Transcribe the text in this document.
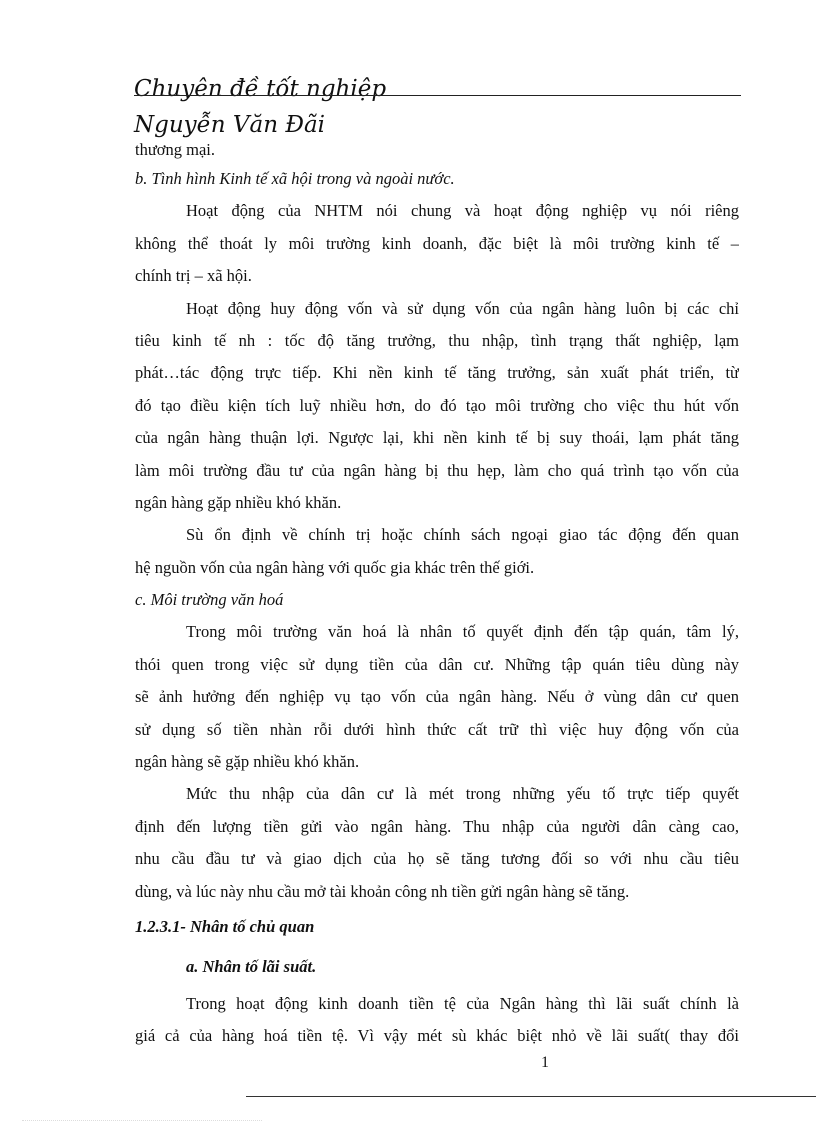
Chuyên đề tốt nghiệp
Nguyễn Văn Đãi
thương mại.
b. Tình hình Kinh tế xã hội trong và ngoài nước.
Hoạt động của NHTM nói chung và hoạt động nghiệp vụ nói riêng
không thể thoát ly môi trường kinh doanh, đặc biệt là môi trường kinh tế –
chính trị – xã hội.
Hoạt động huy động vốn và sử dụng vốn của ngân hàng luôn bị các chỉ
tiêu kinh tế nh : tốc độ tăng trưởng, thu nhập, tình trạng thất nghiệp, lạm
phát…tác động trực tiếp. Khi nền kinh tế tăng trưởng, sản xuất phát triển, từ
đó tạo điều kiện tích luỹ nhiều hơn, do đó tạo môi trường cho việc thu hút vốn
của ngân hàng thuận lợi. Ngược lại, khi nền kinh tế bị suy thoái, lạm phát tăng
làm môi trường đầu tư của ngân hàng bị thu hẹp, làm cho quá trình tạo vốn của
ngân hàng gặp nhiều khó khăn.
Sù ổn định về chính trị hoặc chính sách ngoại giao tác động đến quan
hệ nguồn vốn của ngân hàng với quốc gia khác trên thế giới.
c. Môi trường văn hoá
Trong môi trường văn hoá là nhân tố quyết định đến tập quán, tâm lý,
thói quen trong việc sử dụng tiền của dân cư. Những tập quán tiêu dùng này
sẽ ảnh hưởng đến nghiệp vụ tạo vốn của ngân hàng. Nếu ở vùng dân cư quen
sử dụng số tiền nhàn rỗi dưới hình thức cất trữ thì việc huy động vốn của
ngân hàng sẽ gặp nhiều khó khăn.
Mức thu nhập của dân cư là mét trong những yếu tố trực tiếp quyết
định đến lượng tiền gửi vào ngân hàng. Thu nhập của người dân càng cao,
nhu cầu đầu tư và giao dịch của họ sẽ tăng tương đối so với nhu cầu tiêu
dùng, và lúc này nhu cầu mở tài khoản công nh tiền gửi ngân hàng sẽ tăng.
1.2.3.1- Nhân tố chủ quan
a. Nhân tố lãi suất.
Trong hoạt động kinh doanh tiền tệ của Ngân hàng thì lãi suất chính là
giá cả của hàng hoá tiền tệ. Vì vậy mét sù khác biệt nhỏ về lãi suất( thay đổi
1
